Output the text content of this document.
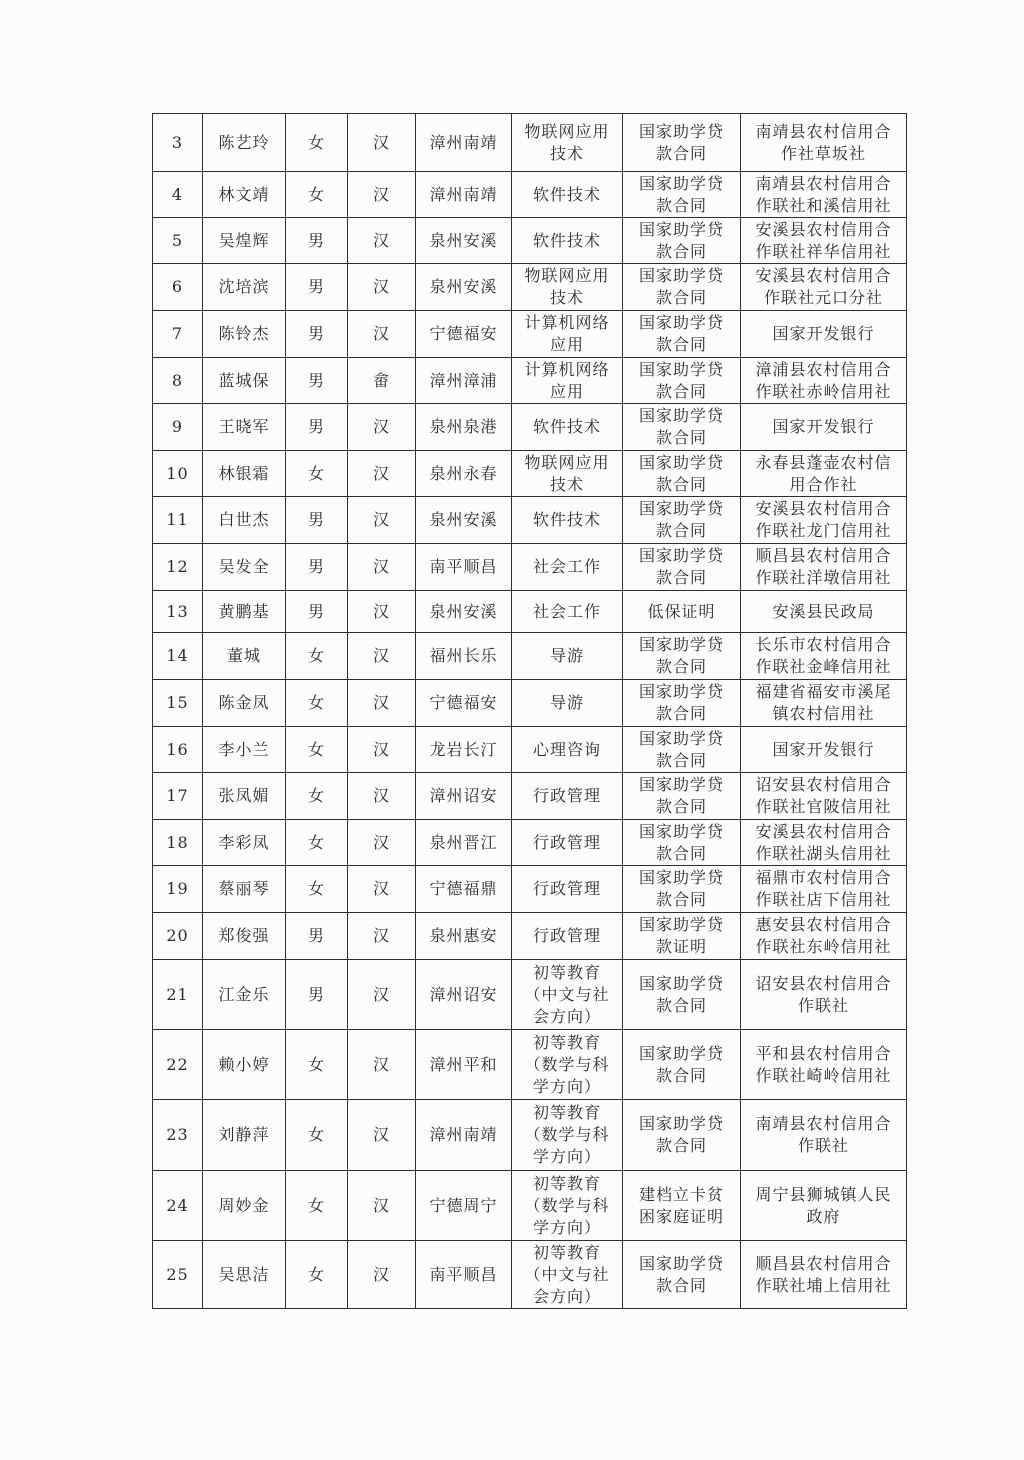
3	陈艺玲	女	汉	漳州南靖	物联网应用
技术	国家助学贷
款合同	南靖县农村信用合
作社草坂社
4	林文靖	女	汉	漳州南靖	软件技术	国家助学贷
款合同	南靖县农村信用合
作联社和溪信用社
5	吴煌辉	男	汉	泉州安溪	软件技术	国家助学贷
款合同	安溪县农村信用合
作联社祥华信用社
6	沈培滨	男	汉	泉州安溪	物联网应用
技术	国家助学贷
款合同	安溪县农村信用合
作联社元口分社
7	陈铃杰	男	汉	宁德福安	计算机网络
应用	国家助学贷
款合同	国家开发银行
8	蓝城保	男	畲	漳州漳浦	计算机网络
应用	国家助学贷
款合同	漳浦县农村信用合
作联社赤岭信用社
9	王晓军	男	汉	泉州泉港	软件技术	国家助学贷
款合同	国家开发银行
10	林银霜	女	汉	泉州永春	物联网应用
技术	国家助学贷
款合同	永春县蓬壶农村信
用合作社
11	白世杰	男	汉	泉州安溪	软件技术	国家助学贷
款合同	安溪县农村信用合
作联社龙门信用社
12	吴发全	男	汉	南平顺昌	社会工作	国家助学贷
款合同	顺昌县农村信用合
作联社洋墩信用社
13	黄鹏基	男	汉	泉州安溪	社会工作	低保证明	安溪县民政局
14	董城	女	汉	福州长乐	导游	国家助学贷
款合同	长乐市农村信用合
作联社金峰信用社
15	陈金凤	女	汉	宁德福安	导游	国家助学贷
款合同	福建省福安市溪尾
镇农村信用社
16	李小兰	女	汉	龙岩长汀	心理咨询	国家助学贷
款合同	国家开发银行
17	张凤媚	女	汉	漳州诏安	行政管理	国家助学贷
款合同	诏安县农村信用合
作联社官陂信用社
18	李彩凤	女	汉	泉州晋江	行政管理	国家助学贷
款合同	安溪县农村信用合
作联社湖头信用社
19	蔡丽琴	女	汉	宁德福鼎	行政管理	国家助学贷
款合同	福鼎市农村信用合
作联社店下信用社
20	郑俊强	男	汉	泉州惠安	行政管理	国家助学贷
款证明	惠安县农村信用合
作联社东岭信用社
21	江金乐	男	汉	漳州诏安	初等教育
（中文与社
会方向）	国家助学贷
款合同	诏安县农村信用合
作联社
22	赖小婷	女	汉	漳州平和	初等教育
（数学与科
学方向）	国家助学贷
款合同	平和县农村信用合
作联社崎岭信用社
23	刘静萍	女	汉	漳州南靖	初等教育
（数学与科
学方向）	国家助学贷
款合同	南靖县农村信用合
作联社
24	周妙金	女	汉	宁德周宁	初等教育
（数学与科
学方向）	建档立卡贫
困家庭证明	周宁县狮城镇人民
政府
25	吴思洁	女	汉	南平顺昌	初等教育
（中文与社
会方向）	国家助学贷
款合同	顺昌县农村信用合
作联社埔上信用社
